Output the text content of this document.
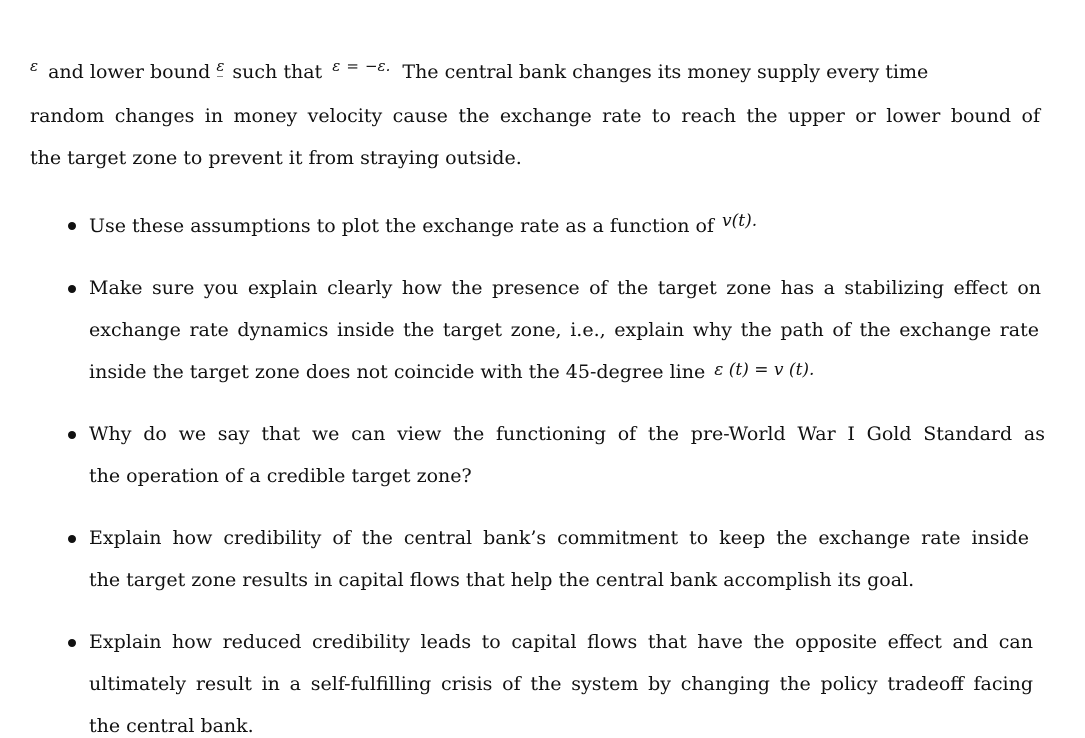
$^\varepsilon$ and lower bound ε such that $^\varepsilon$ = $^{-\varepsilon.}$ The central bank changes its money supply every time
random changes in money velocity cause the exchange rate to reach the upper or lower bound of
the target zone to prevent it from straying outside.
Use these assumptions to plot the exchange rate as a function of v(t).
Make sure you explain clearly how the presence of the target zone has a stabilizing effect on
exchange rate dynamics inside the target zone, i.e., explain why the path of the exchange rate
inside the target zone does not coincide with the 45-degree line ε (t) = v (t).
Why do we say that we can view the functioning of the pre-World War I Gold Standard as
the operation of a credible target zone?
Explain how credibility of the central bank’s commitment to keep the exchange rate inside
the target zone results in capital flows that help the central bank accomplish its goal.
Explain how reduced credibility leads to capital flows that have the opposite effect and can
ultimately result in a self-fulfilling crisis of the system by changing the policy tradeoff facing
the central bank.
